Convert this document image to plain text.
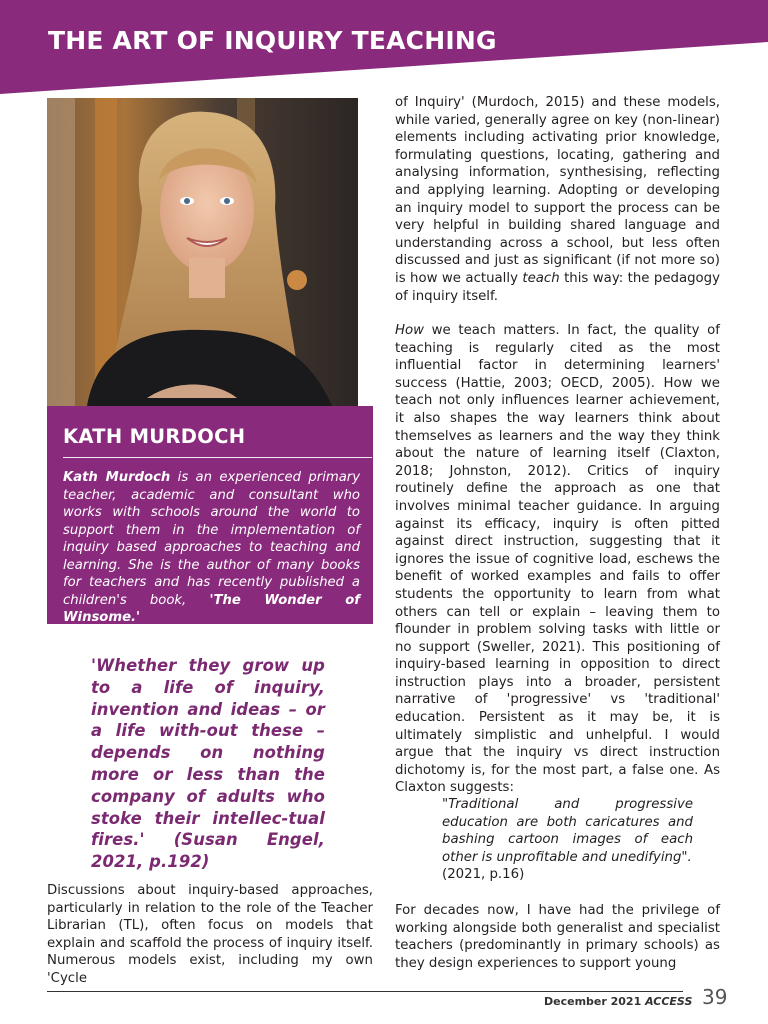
THE ART OF INQUIRY TEACHING
KATH MURDOCH

Kath Murdoch is an experienced primary teacher, academic and consultant who works with schools around the world to support them in the implementation of inquiry based approaches to teaching and learning. She is the author of many books for teachers and has recently published a children's book, 'The Wonder of Winsome.'

'Whether they grow up to a life of inquiry, invention and ideas – or a life with-out these – depends on nothing more or less than the company of adults who stoke their intellec-tual fires.' (Susan Engel, 2021, p.192)

Discussions about inquiry-based approaches, particularly in relation to the role of the Teacher Librarian (TL), often focus on models that explain and scaffold the process of inquiry itself. Numerous models exist, including my own 'Cycle

of Inquiry' (Murdoch, 2015) and these models, while varied, generally agree on key (non-linear) elements including activating prior knowledge, formulating questions, locating, gathering and analysing information, synthesising, reflecting and applying learning. Adopting or developing an inquiry model to support the process can be very helpful in building shared language and understanding across a school, but less often discussed and just as significant (if not more so) is how we actually teach this way: the pedagogy of inquiry itself.

How we teach matters. In fact, the quality of teaching is regularly cited as the most influential factor in determining learners' success (Hattie, 2003; OECD, 2005). How we teach not only influences learner achievement, it also shapes the way learners think about themselves as learners and the way they think about the nature of learning itself (Claxton, 2018; Johnston, 2012). Critics of inquiry routinely define the approach as one that involves minimal teacher guidance. In arguing against its efficacy, inquiry is often pitted against direct instruction, suggesting that it ignores the issue of cognitive load, eschews the benefit of worked examples and fails to offer students the opportunity to learn from what others can tell or explain – leaving them to flounder in problem solving tasks with little or no support (Sweller, 2021). This positioning of inquiry-based learning in opposition to direct instruction plays into a broader, persistent narrative of 'progressive' vs 'traditional' education. Persistent as it may be, it is ultimately simplistic and unhelpful. I would argue that the inquiry vs direct instruction dichotomy is, for the most part, a false one. As Claxton suggests:

"Traditional and progressive education are both caricatures and bashing cartoon images of each other is unprofitable and unedifying".

(2021, p.16)

For decades now, I have had the privilege of working alongside both generalist and specialist teachers (predominantly in primary schools) as they design experiences to support young

December 2021 ACCESS 39
